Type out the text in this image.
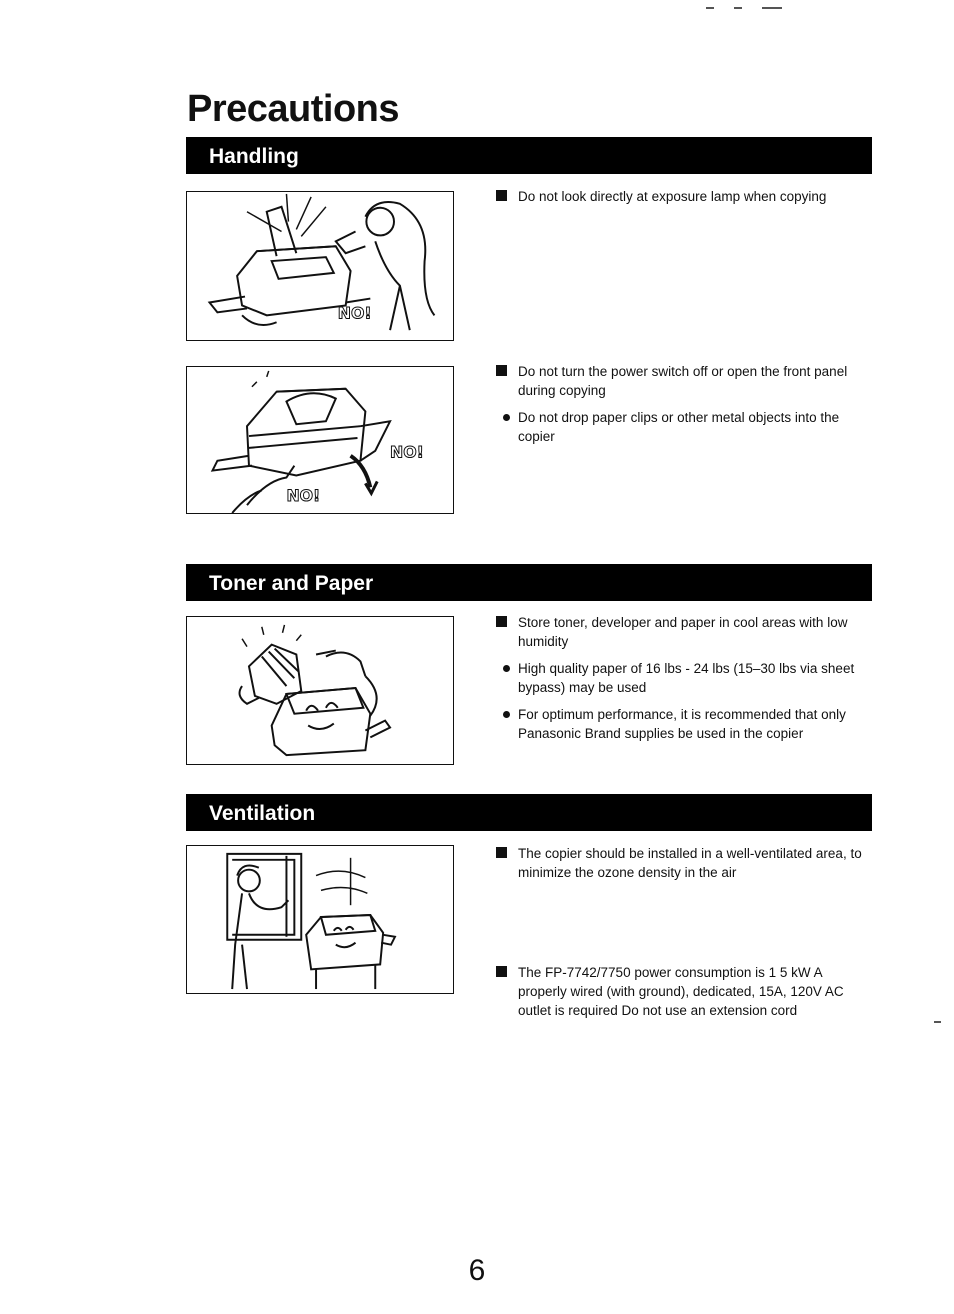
Precautions
Handling
NO!
Do not look directly at exposure lamp when copying
NO!
NO!
Do not turn the power switch off or open the front panel during copying
Do not drop paper clips or other metal objects into the copier
Toner and Paper
Store toner, developer and paper in cool areas with low humidity
High quality paper of 16 lbs - 24 lbs (15–30 lbs via sheet bypass) may be used
For optimum performance, it is recommended that only Panasonic Brand supplies be used in the copier
Ventilation
The copier should be installed in a well-ventilated area, to minimize the ozone density in the air
The FP-7742/7750 power consumption is 1 5 kW A properly wired (with ground), dedicated, 15A, 120V AC outlet is required Do not use an extension cord
6
